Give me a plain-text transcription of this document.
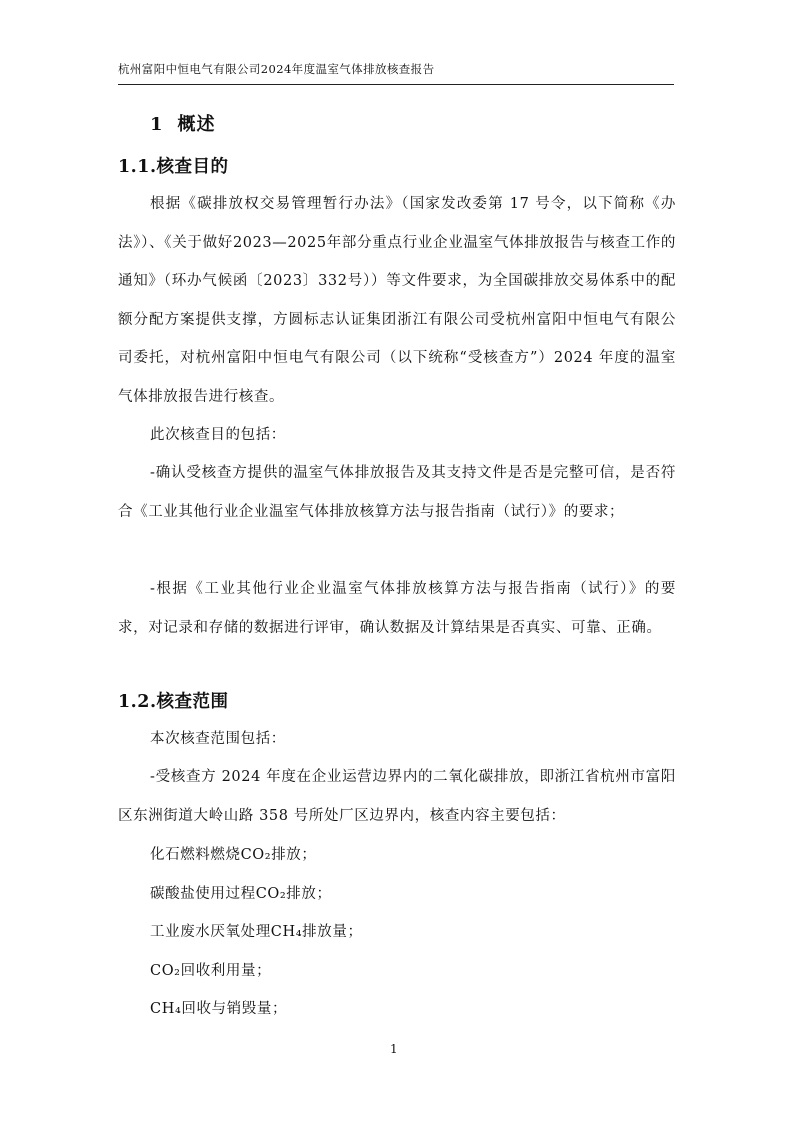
杭州富阳中恒电气有限公司2024年度温室气体排放核查报告
1 概述
1.1.核查目的
根据《碳排放权交易管理暂行办法》（国家发改委第 17 号令，以下简称《办法》）、《关于做好2023—2025年部分重点行业企业温室气体排放报告与核查工作的通知》（环办气候函〔2023〕332号））等文件要求，为全国碳排放交易体系中的配额分配方案提供支撑，方圆标志认证集团浙江有限公司受杭州富阳中恒电气有限公司委托，对杭州富阳中恒电气有限公司（以下统称“受核查方”）2024 年度的温室气体排放报告进行核查。
此次核查目的包括：
-确认受核查方提供的温室气体排放报告及其支持文件是否是完整可信，是否符合《工业其他行业企业温室气体排放核算方法与报告指南（试行）》的要求；
-根据《工业其他行业企业温室气体排放核算方法与报告指南（试行）》的要求，对记录和存储的数据进行评审，确认数据及计算结果是否真实、可靠、正确。
1.2.核查范围
本次核查范围包括：
-受核查方 2024 年度在企业运营边界内的二氧化碳排放，即浙江省杭州市富阳区东洲街道大岭山路 358 号所处厂区边界内，核查内容主要包括：
化石燃料燃烧CO₂排放；
碳酸盐使用过程CO₂排放；
工业废水厌氧处理CH₄排放量；
CO₂回收利用量；
CH₄回收与销毁量；
1
